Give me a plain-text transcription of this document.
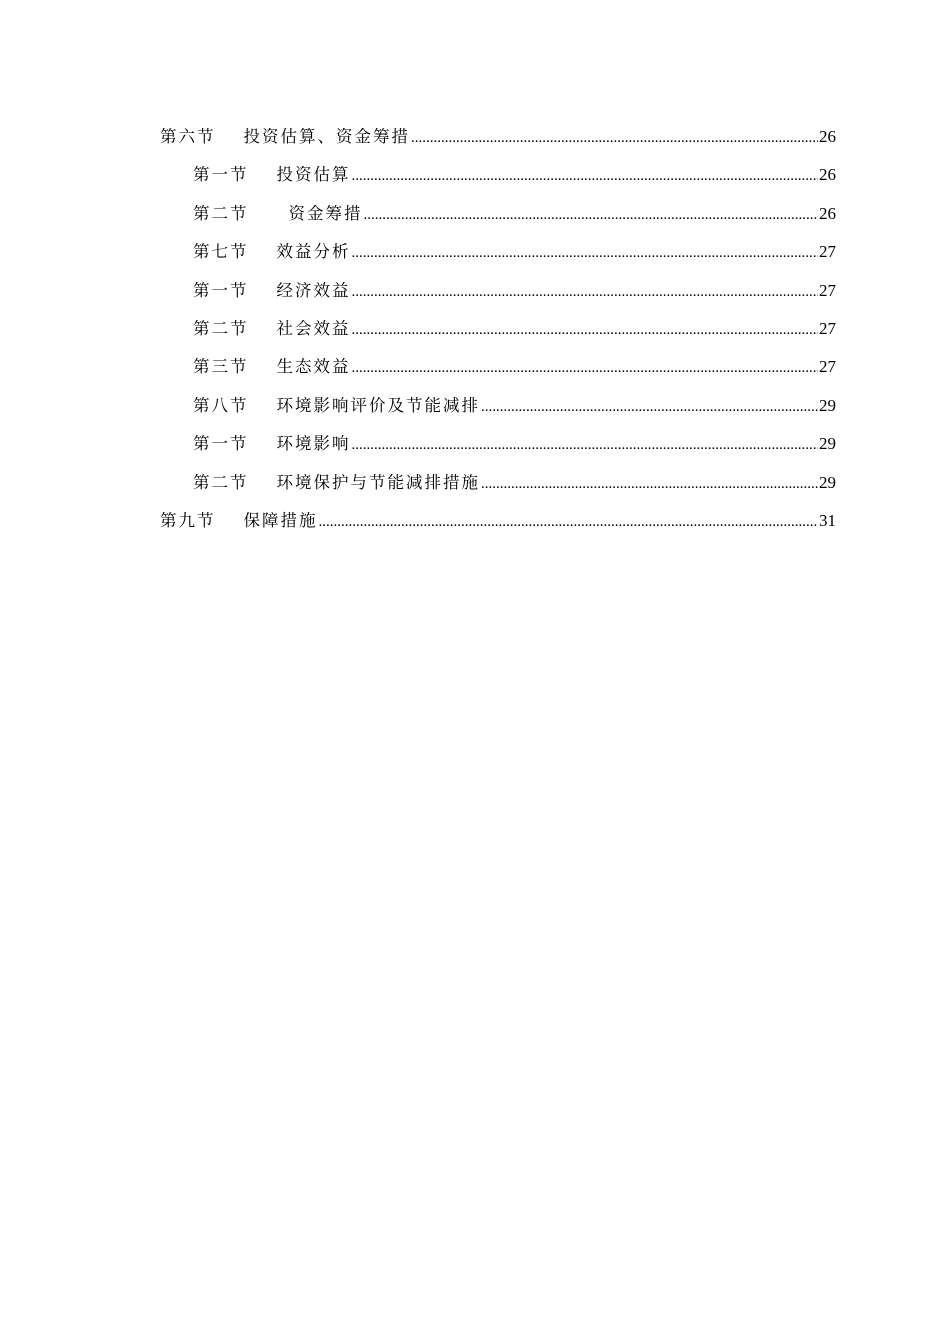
第六节 投资估算、资金筹措 .....	26
第一节 投资估算 .....	26
第二节 资金筹措 .....	26
第七节 效益分析 .....	27
第一节 经济效益 .....	27
第二节 社会效益 .....	27
第三节 生态效益 .....	27
第八节 环境影响评价及节能减排 .....	29
第一节 环境影响 .....	29
第二节 环境保护与节能减排措施 .....	29
第九节 保障措施 .....	31
